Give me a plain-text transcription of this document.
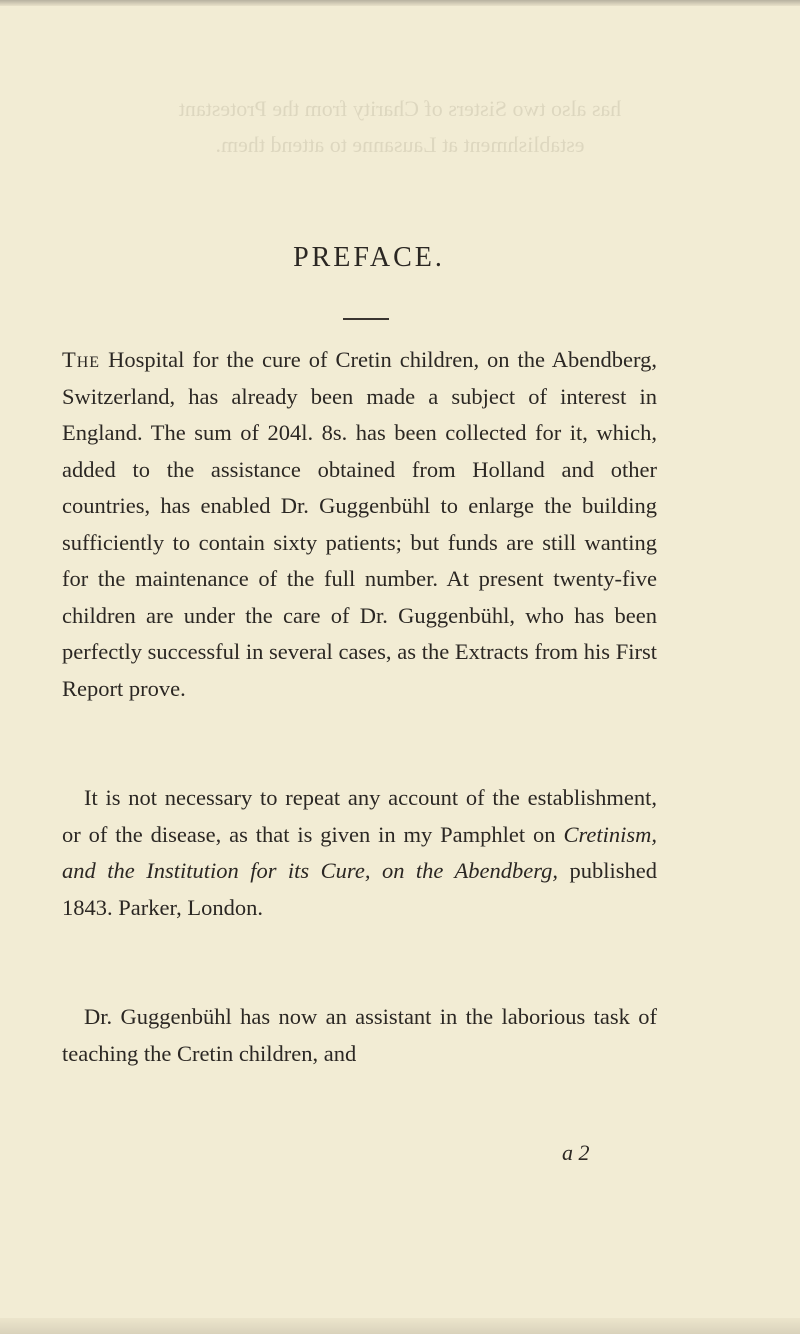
has also two Sisters of Charity from the Protestant
establishment at Lausanne to attend them.
PREFACE.

The Hospital for the cure of Cretin children, on the Abendberg, Switzerland, has already been made a subject of interest in England. The sum of 204l. 8s. has been collected for it, which, added to the assistance obtained from Holland and other countries, has enabled Dr. Guggenbühl to enlarge the building sufficiently to contain sixty patients; but funds are still wanting for the maintenance of the full number. At present twenty-five children are under the care of Dr. Guggenbühl, who has been perfectly successful in several cases, as the Extracts from his First Report prove.

It is not necessary to repeat any account of the establishment, or of the disease, as that is given in my Pamphlet on Cretinism, and the Institution for its Cure, on the Abendberg, published 1843. Parker, London.

Dr. Guggenbühl has now an assistant in the laborious task of teaching the Cretin children, and

a 2
